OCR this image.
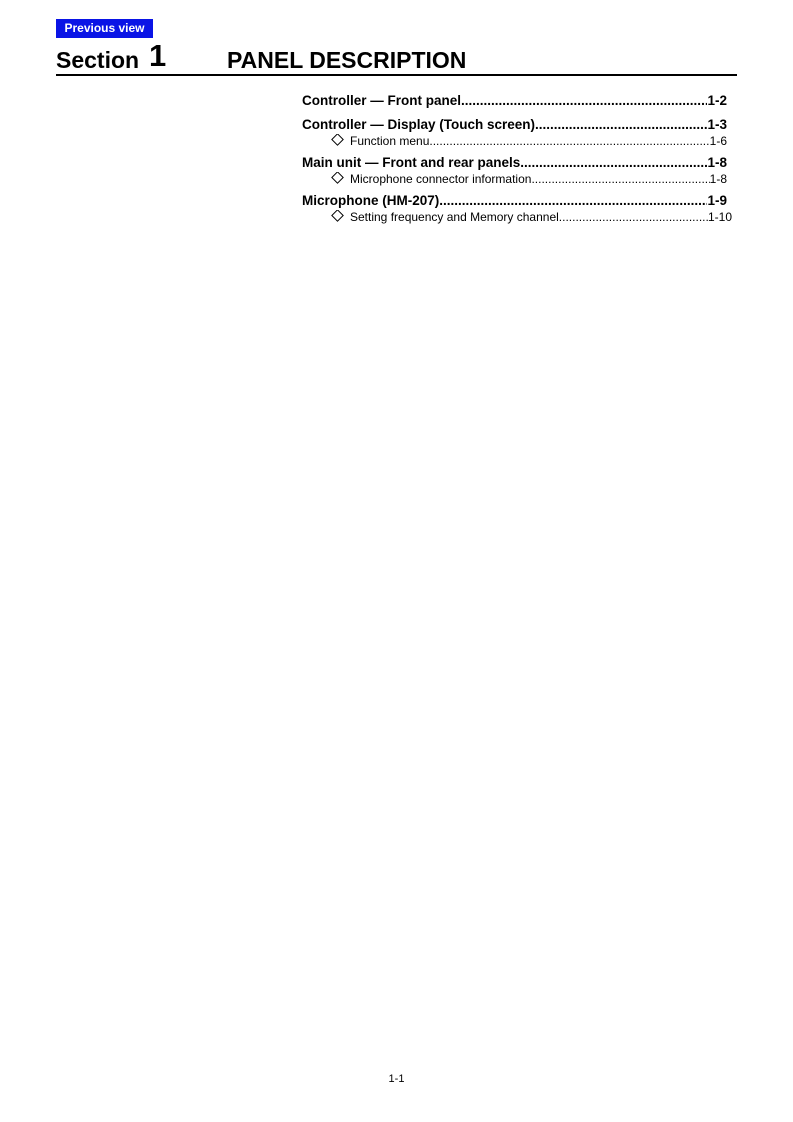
Previous view
Section 1	PANEL DESCRIPTION
Controller — Front panel .....	1-2
Controller — Display (Touch screen) .....	1-3
Function menu .....	1-6
Main unit — Front and rear panels .....	1-8
Microphone connector information .....	1-8
Microphone (HM-207) .....	1-9
Setting frequency and Memory channel .....	1-10
1-1
